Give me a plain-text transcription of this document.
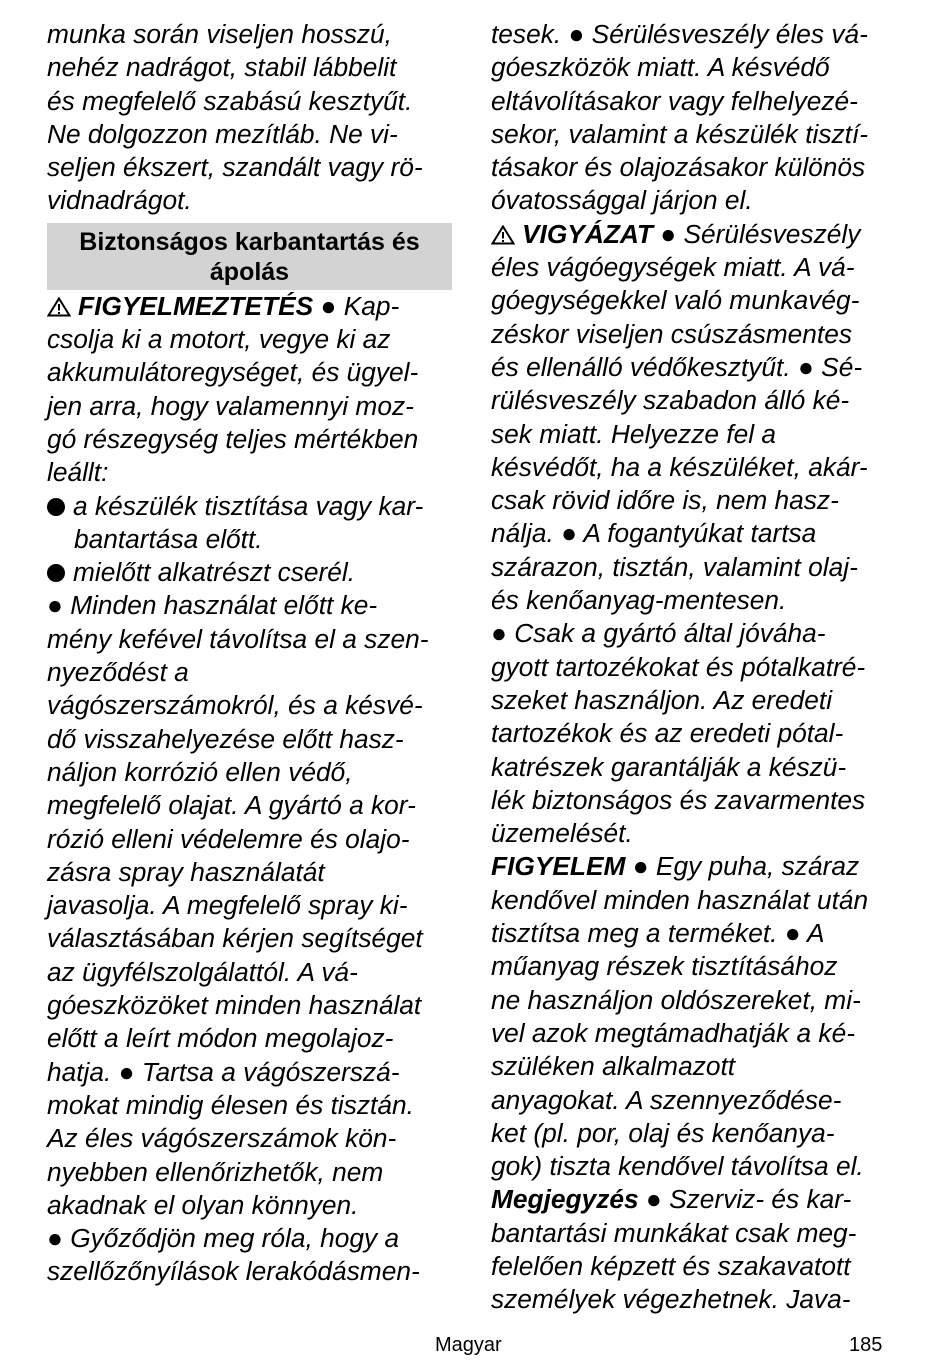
munka során viseljen hosszú,
nehéz nadrágot, stabil lábbelit
és megfelelő szabású kesztyűt.
Ne dolgozzon mezítláb. Ne vi-
seljen ékszert, szandált vagy rö-
vidnadrágot.
Biztonságos karbantartás és
ápolás
FIGYELMEZTETÉS ● Kap-
csolja ki a motort, vegye ki az
akkumulátoregységet, és ügyel-
jen arra, hogy valamennyi moz-
gó részegység teljes mértékben
leállt:
a készülék tisztítása vagy kar-
bantartása előtt.
mielőtt alkatrészt cserél.
● Minden használat előtt ke-
mény kefével távolítsa el a szen-
nyeződést a
vágószerszámokról, és a késvé-
dő visszahelyezése előtt hasz-
náljon korrózió ellen védő,
megfelelő olajat. A gyártó a kor-
rózió elleni védelemre és olajo-
zásra spray használatát
javasolja. A megfelelő spray ki-
választásában kérjen segítséget
az ügyfélszolgálattól. A vá-
góeszközöket minden használat
előtt a leírt módon megolajoz-
hatja. ● Tartsa a vágószerszá-
mokat mindig élesen és tisztán.
Az éles vágószerszámok kön-
nyebben ellenőrizhetők, nem
akadnak el olyan könnyen.
● Győződjön meg róla, hogy a
szellőzőnyílások lerakódásmen-
tesek. ● Sérülésveszély éles vá-
góeszközök miatt. A késvédő
eltávolításakor vagy felhelyezé-
sekor, valamint a készülék tisztí-
tásakor és olajozásakor különös
óvatossággal járjon el.
VIGYÁZAT ● Sérülésveszély
éles vágóegységek miatt. A vá-
góegységekkel való munkavég-
zéskor viseljen csúszásmentes
és ellenálló védőkesztyűt. ● Sé-
rülésveszély szabadon álló ké-
sek miatt. Helyezze fel a
késvédőt, ha a készüléket, akár-
csak rövid időre is, nem hasz-
nálja. ● A fogantyúkat tartsa
szárazon, tisztán, valamint olaj-
és kenőanyag-mentesen.
● Csak a gyártó által jóváha-
gyott tartozékokat és pótalkatré-
szeket használjon. Az eredeti
tartozékok és az eredeti pótal-
katrészek garantálják a készü-
lék biztonságos és zavarmentes
üzemelését.
FIGYELEM ● Egy puha, száraz
kendővel minden használat után
tisztítsa meg a terméket. ● A
műanyag részek tisztításához
ne használjon oldószereket, mi-
vel azok megtámadhatják a ké-
szüléken alkalmazott
anyagokat. A szennyeződése-
ket (pl. por, olaj és kenőanya-
gok) tiszta kendővel távolítsa el.
Megjegyzés ● Szerviz- és kar-
bantartási munkákat csak meg-
felelően képzett és szakavatott
személyek végezhetnek. Java-
Magyar	185
